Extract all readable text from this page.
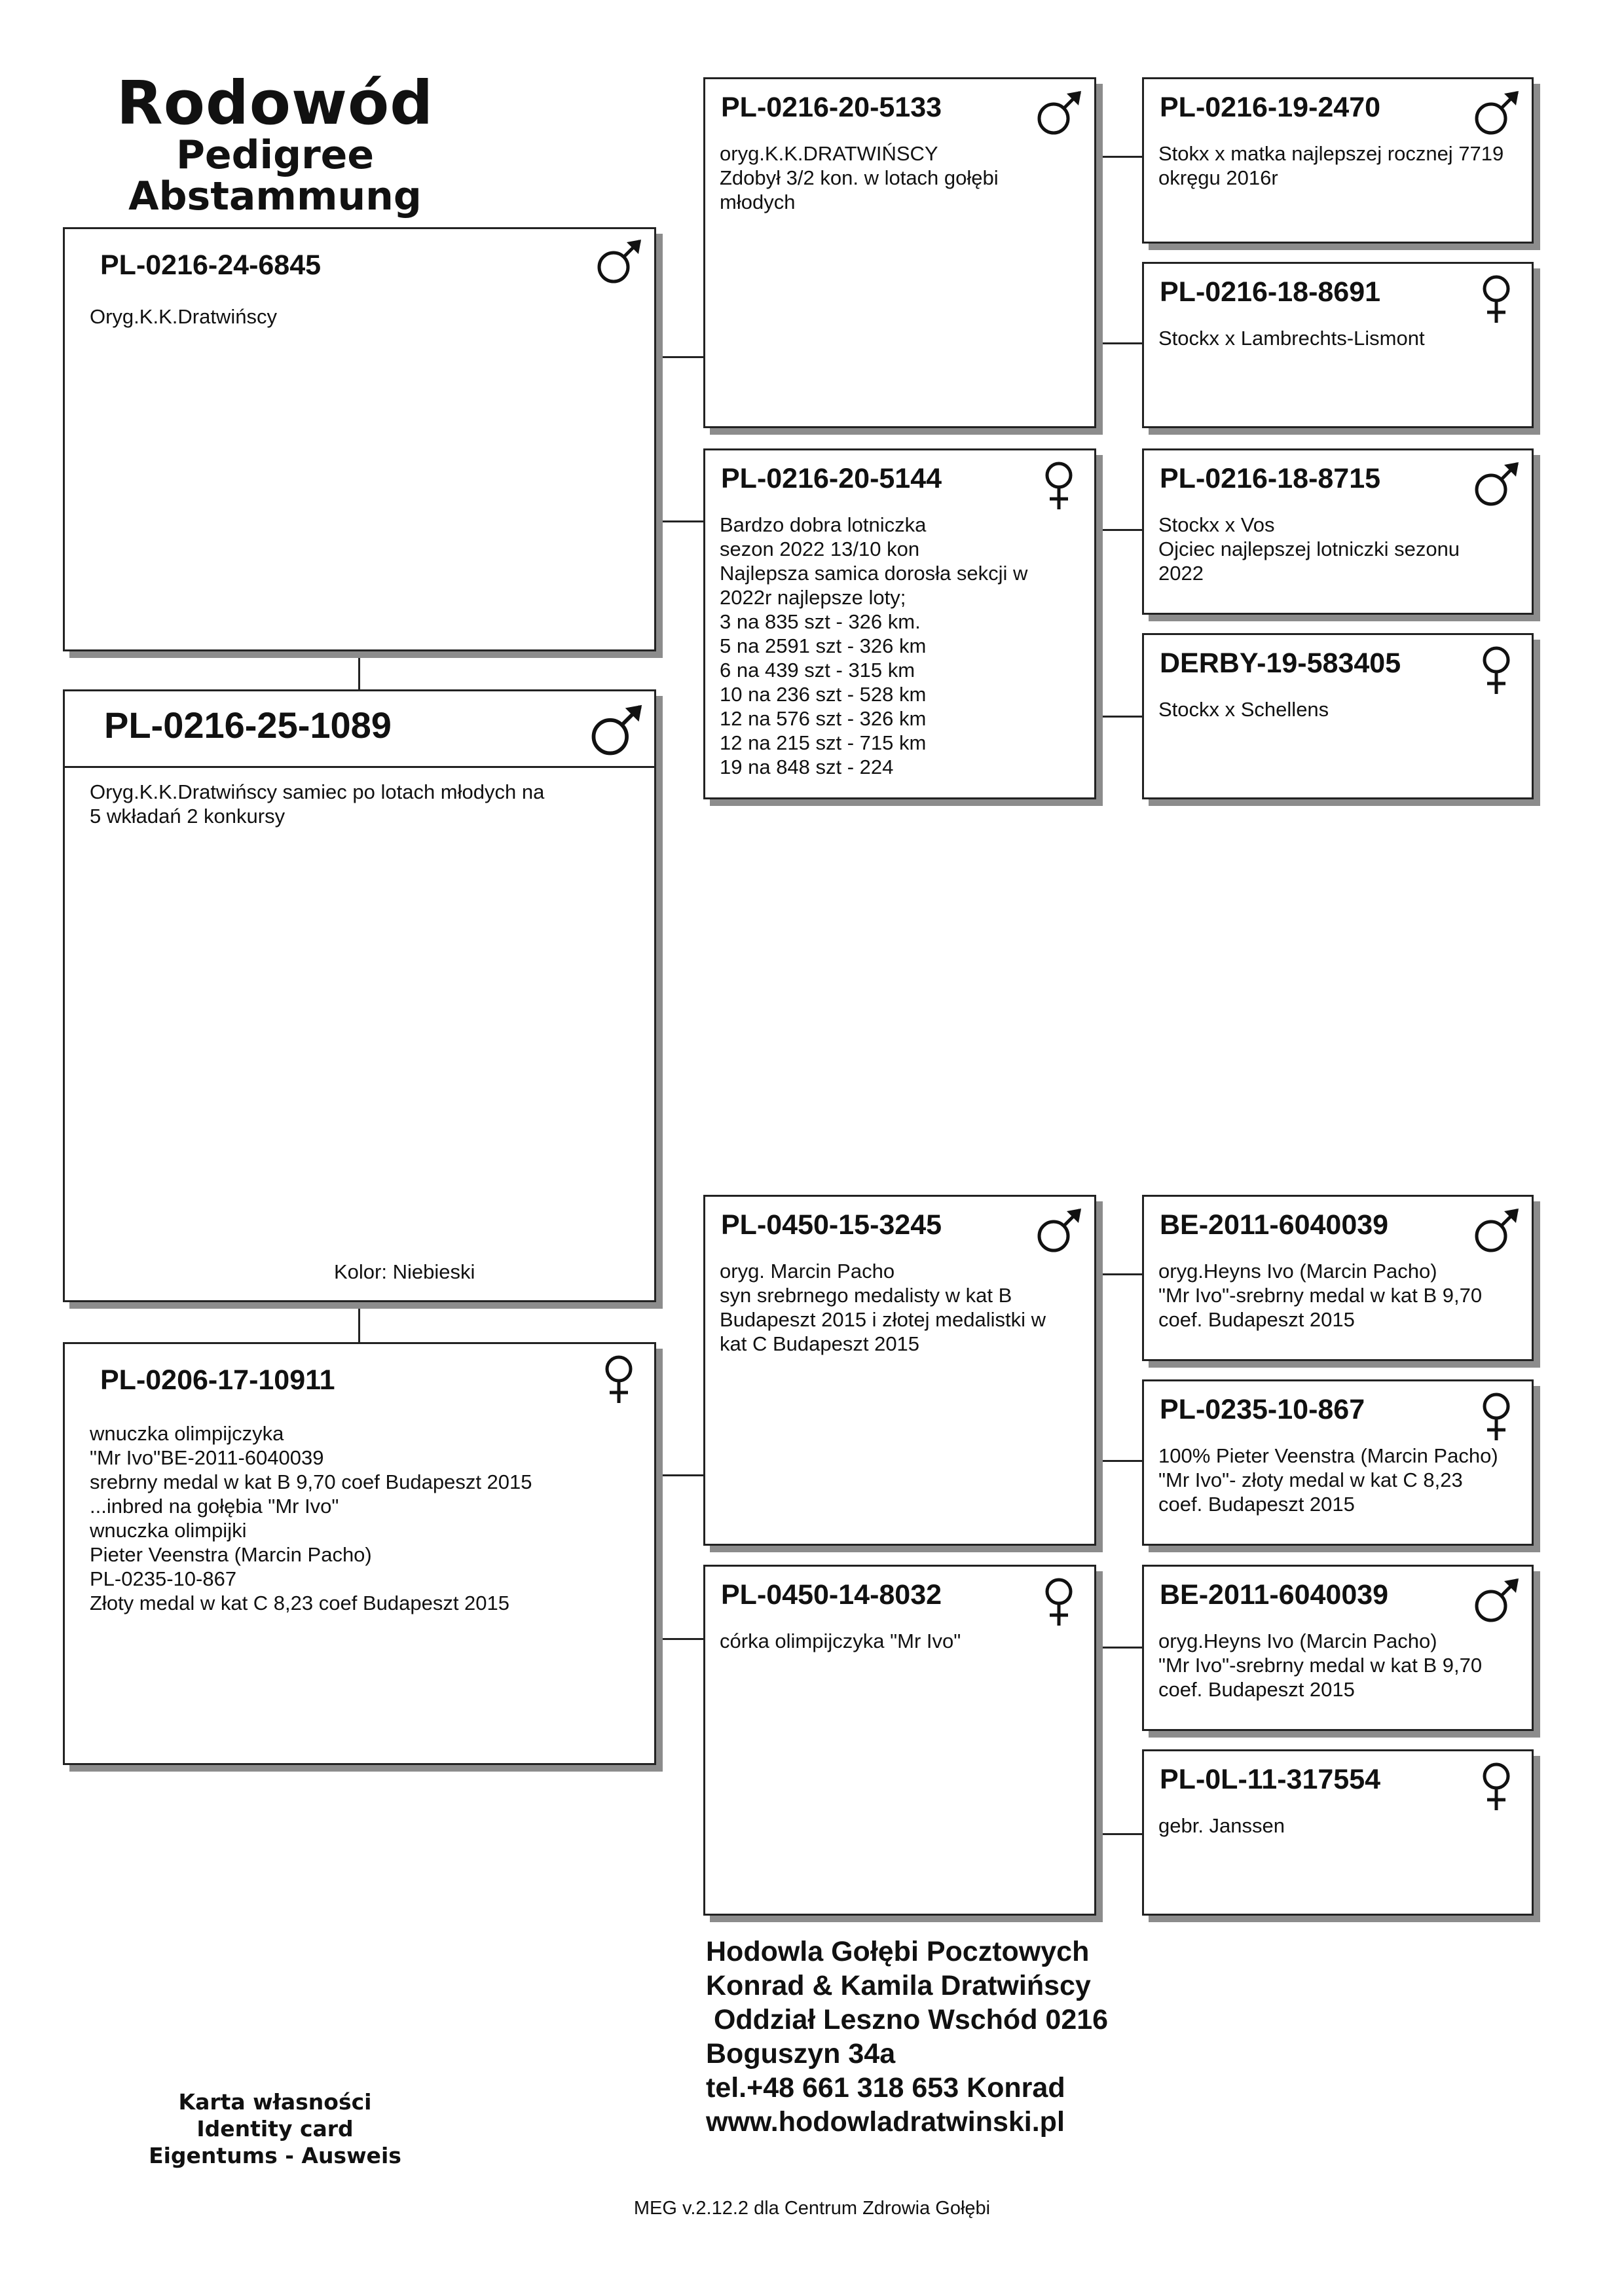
Rodowód
Pedigree
Abstammung
PL-0216-24-6845
Oryg.K.K.Dratwińscy
PL-0216-25-1089
Oryg.K.K.Dratwińscy samiec po lotach młodych na
5 wkładań 2 konkursy
Kolor: Niebieski
PL-0206-17-10911
wnuczka olimpijczyka
"Mr Ivo"BE-2011-6040039
srebrny medal w kat B 9,70 coef Budapeszt 2015
...inbred na gołębia "Mr Ivo"
wnuczka olimpijki
Pieter Veenstra (Marcin Pacho)
PL-0235-10-867
Złoty medal w kat C 8,23 coef Budapeszt 2015
PL-0216-20-5133
oryg.K.K.DRATWIŃSCY
Zdobył 3/2 kon. w lotach gołębi
młodych
PL-0216-20-5144
Bardzo dobra lotniczka
sezon 2022 13/10 kon
Najlepsza samica dorosła sekcji w
2022r najlepsze loty;
3 na 835 szt - 326 km.
5 na 2591 szt - 326 km
6 na 439 szt - 315 km
10 na 236 szt - 528 km
12 na 576 szt - 326 km
12 na 215 szt - 715 km
19 na 848 szt - 224
PL-0450-15-3245
oryg. Marcin Pacho
syn srebrnego medalisty w kat B
Budapeszt 2015 i złotej medalistki w
kat C Budapeszt 2015
PL-0450-14-8032
córka olimpijczyka "Mr Ivo"
PL-0216-19-2470
Stokx x matka najlepszej rocznej 7719
okręgu 2016r
PL-0216-18-8691
Stockx x Lambrechts-Lismont
PL-0216-18-8715
Stockx x Vos
Ojciec najlepszej lotniczki sezonu
2022
DERBY-19-583405
Stockx x Schellens
BE-2011-6040039
oryg.Heyns Ivo (Marcin Pacho)
"Mr Ivo"-srebrny medal w kat B 9,70
coef. Budapeszt 2015
PL-0235-10-867
100% Pieter Veenstra (Marcin Pacho)
"Mr Ivo"- złoty medal w kat C 8,23
coef. Budapeszt 2015
BE-2011-6040039
oryg.Heyns Ivo (Marcin Pacho)
"Mr Ivo"-srebrny medal w kat B 9,70
coef. Budapeszt 2015
PL-0L-11-317554
gebr. Janssen
Hodowla Gołębi Pocztowych
Konrad & Kamila Dratwińscy
Oddział Leszno Wschód 0216
Boguszyn 34a
tel.+48 661 318 653 Konrad
www.hodowladratwinski.pl
Karta własności
Identity card
Eigentums - Ausweis
MEG v.2.12.2 dla Centrum Zdrowia Gołębi
